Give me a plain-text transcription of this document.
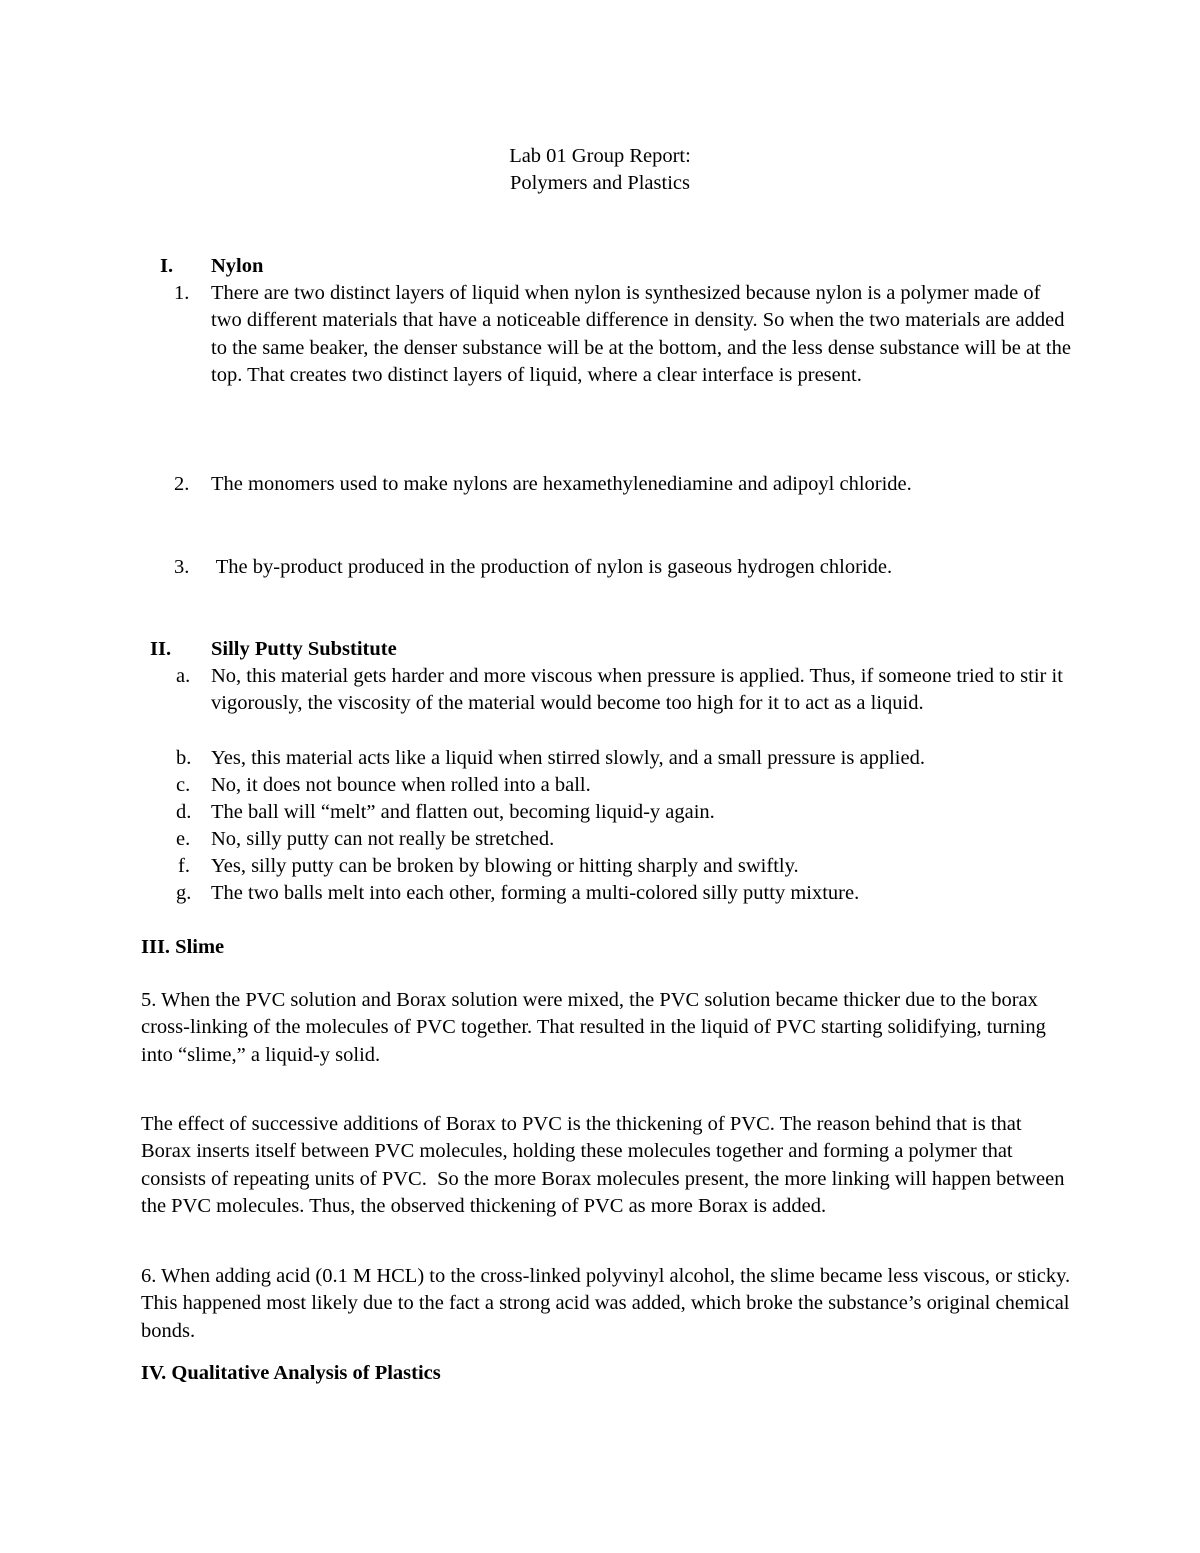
Lab 01 Group Report:
Polymers and Plastics
I. Nylon
1. There are two distinct layers of liquid when nylon is synthesized because nylon is a polymer made of two different materials that have a noticeable difference in density. So when the two materials are added to the same beaker, the denser substance will be at the bottom, and the less dense substance will be at the top. That creates two distinct layers of liquid, where a clear interface is present.
2. The monomers used to make nylons are hexamethylenediamine and adipoyl chloride.
3. The by-product produced in the production of nylon is gaseous hydrogen chloride.
II. Silly Putty Substitute
a. No, this material gets harder and more viscous when pressure is applied. Thus, if someone tried to stir it vigorously, the viscosity of the material would become too high for it to act as a liquid.
b. Yes, this material acts like a liquid when stirred slowly, and a small pressure is applied.
c. No, it does not bounce when rolled into a ball.
d. The ball will “melt” and flatten out, becoming liquid-y again.
e. No, silly putty can not really be stretched.
f. Yes, silly putty can be broken by blowing or hitting sharply and swiftly.
g. The two balls melt into each other, forming a multi-colored silly putty mixture.
III. Slime
5. When the PVC solution and Borax solution were mixed, the PVC solution became thicker due to the borax cross-linking of the molecules of PVC together. That resulted in the liquid of PVC starting solidifying, turning into “slime,” a liquid-y solid.
The effect of successive additions of Borax to PVC is the thickening of PVC. The reason behind that is that Borax inserts itself between PVC molecules, holding these molecules together and forming a polymer that consists of repeating units of PVC.  So the more Borax molecules present, the more linking will happen between the PVC molecules. Thus, the observed thickening of PVC as more Borax is added.
6. When adding acid (0.1 M HCL) to the cross-linked polyvinyl alcohol, the slime became less viscous, or sticky. This happened most likely due to the fact a strong acid was added, which broke the substance’s original chemical bonds.
IV. Qualitative Analysis of Plastics
